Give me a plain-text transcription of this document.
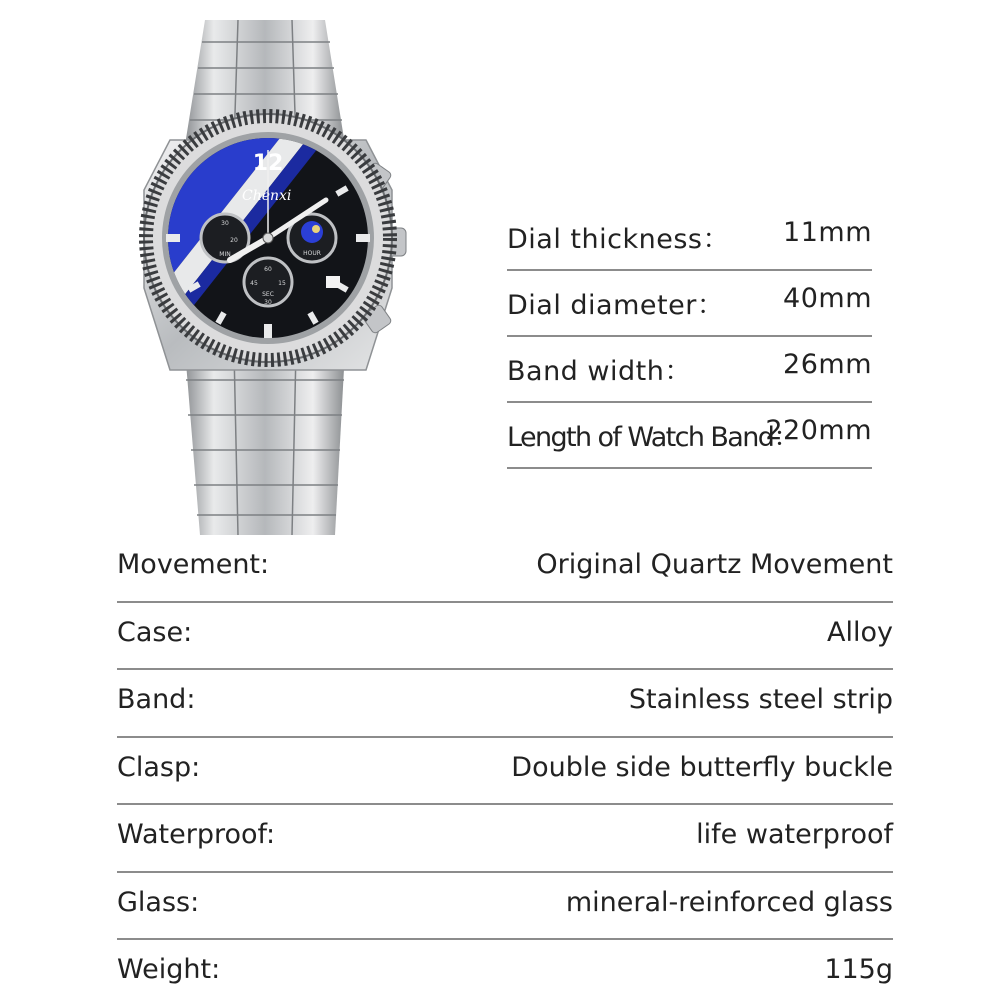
12
Chenxi
30
20
MIN
60
45	15
SEC
30
HOUR	Dial thickness： 11mm
Dial diameter： 40mm
Band width：	26mm
Length of Watch Band：
220mm
Movement:	Original Quartz Movement
Case:	Alloy
Band:	Stainless steel strip
Clasp:	Double side butterfly buckle
Waterproof:	life waterproof
Glass:	mineral-reinforced glass
Weight:	115g
